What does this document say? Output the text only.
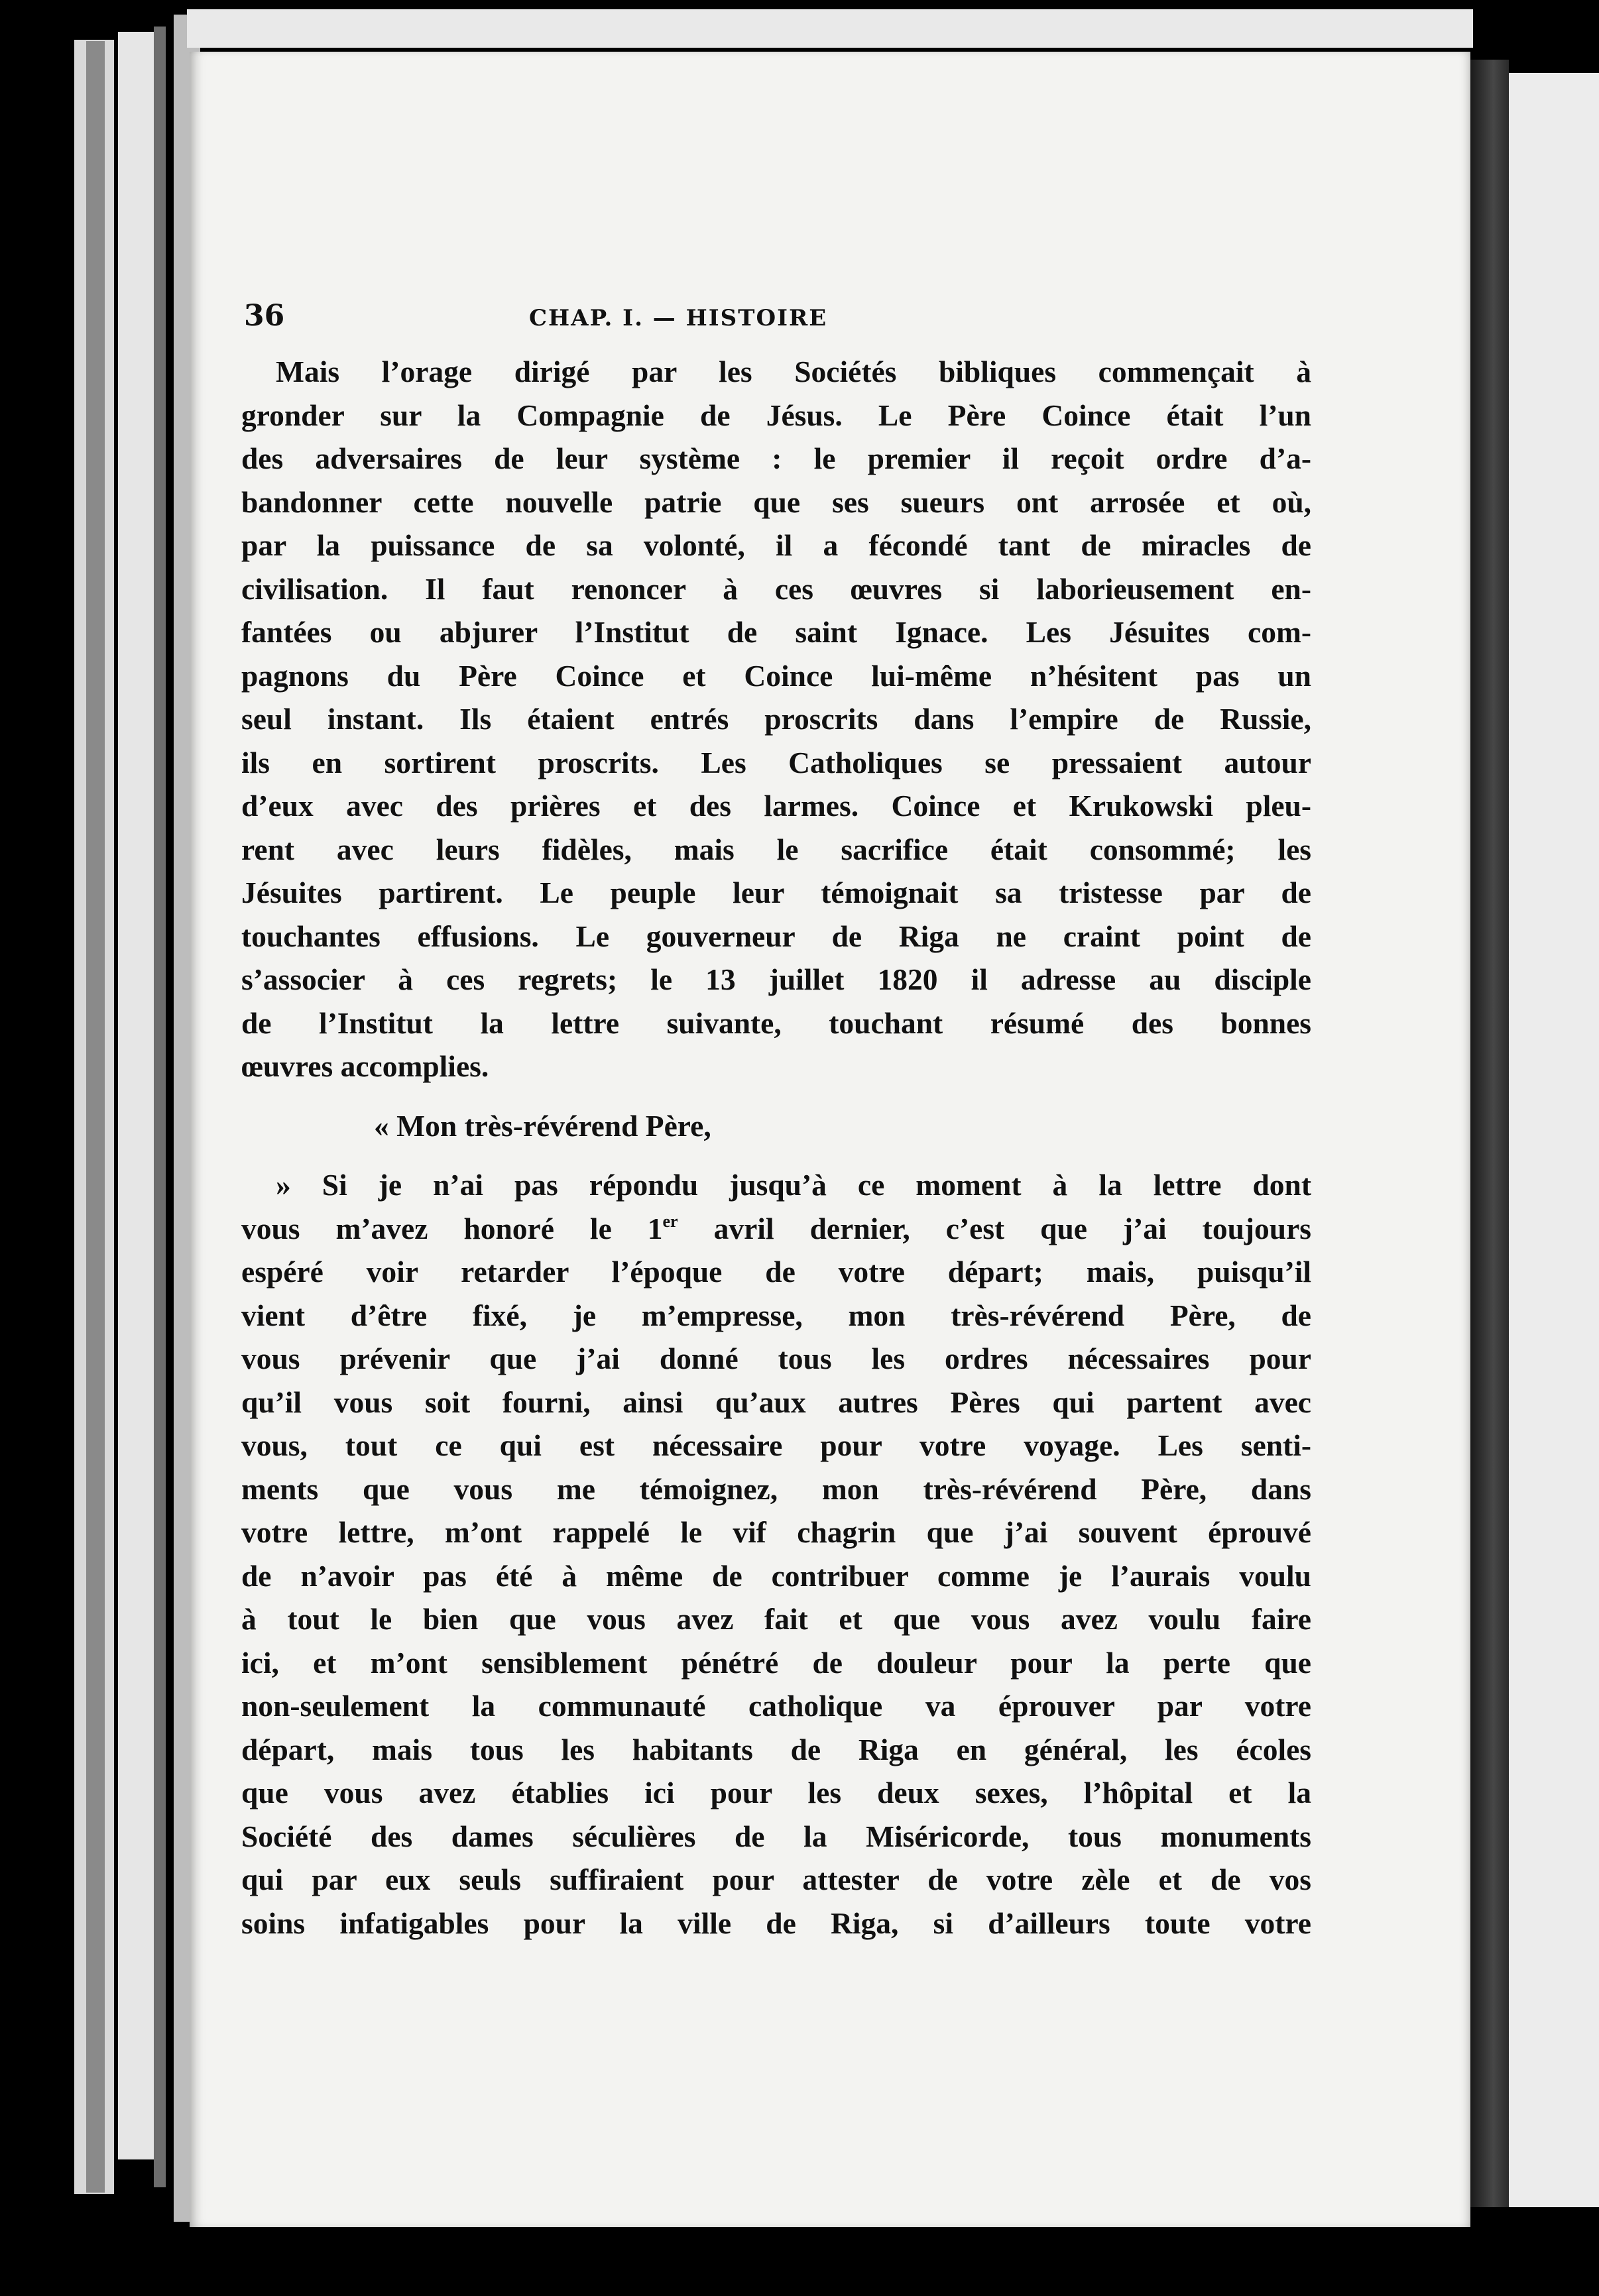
36	CHAP. I. — HISTOIRE
Mais l’orage dirigé par les Sociétés bibliques commençait à
gronder sur la Compagnie de Jésus. Le Père Coince était l’un
des adversaires de leur système : le premier il reçoit ordre d’a-
bandonner cette nouvelle patrie que ses sueurs ont arrosée et où,
par la puissance de sa volonté, il a fécondé tant de miracles de
civilisation. Il faut renoncer à ces œuvres si laborieusement en-
fantées ou abjurer l’Institut de saint Ignace. Les Jésuites com-
pagnons du Père Coince et Coince lui-même n’hésitent pas un
seul instant. Ils étaient entrés proscrits dans l’empire de Russie,
ils en sortirent proscrits. Les Catholiques se pressaient autour
d’eux avec des prières et des larmes. Coince et Krukowski pleu-
rent avec leurs fidèles, mais le sacrifice était consommé; les
Jésuites partirent. Le peuple leur témoignait sa tristesse par de
touchantes effusions. Le gouverneur de Riga ne craint point de
s’associer à ces regrets; le 13 juillet 1820 il adresse au disciple
de l’Institut la lettre suivante, touchant résumé des bonnes
œuvres accomplies.
« Mon très-révérend Père,
» Si je n’ai pas répondu jusqu’à ce moment à la lettre dont
vous m’avez honoré le 1er avril dernier, c’est que j’ai toujours
espéré voir retarder l’époque de votre départ; mais, puisqu’il
vient d’être fixé, je m’empresse, mon très-révérend Père, de
vous prévenir que j’ai donné tous les ordres nécessaires pour
qu’il vous soit fourni, ainsi qu’aux autres Pères qui partent avec
vous, tout ce qui est nécessaire pour votre voyage. Les senti-
ments que vous me témoignez, mon très-révérend Père, dans
votre lettre, m’ont rappelé le vif chagrin que j’ai souvent éprouvé
de n’avoir pas été à même de contribuer comme je l’aurais voulu
à tout le bien que vous avez fait et que vous avez voulu faire
ici, et m’ont sensiblement pénétré de douleur pour la perte que
non-seulement la communauté catholique va éprouver par votre
départ, mais tous les habitants de Riga en général, les écoles
que vous avez établies ici pour les deux sexes, l’hôpital et la
Société des dames séculières de la Miséricorde, tous monuments
qui par eux seuls suffiraient pour attester de votre zèle et de vos
soins infatigables pour la ville de Riga, si d’ailleurs toute votre
